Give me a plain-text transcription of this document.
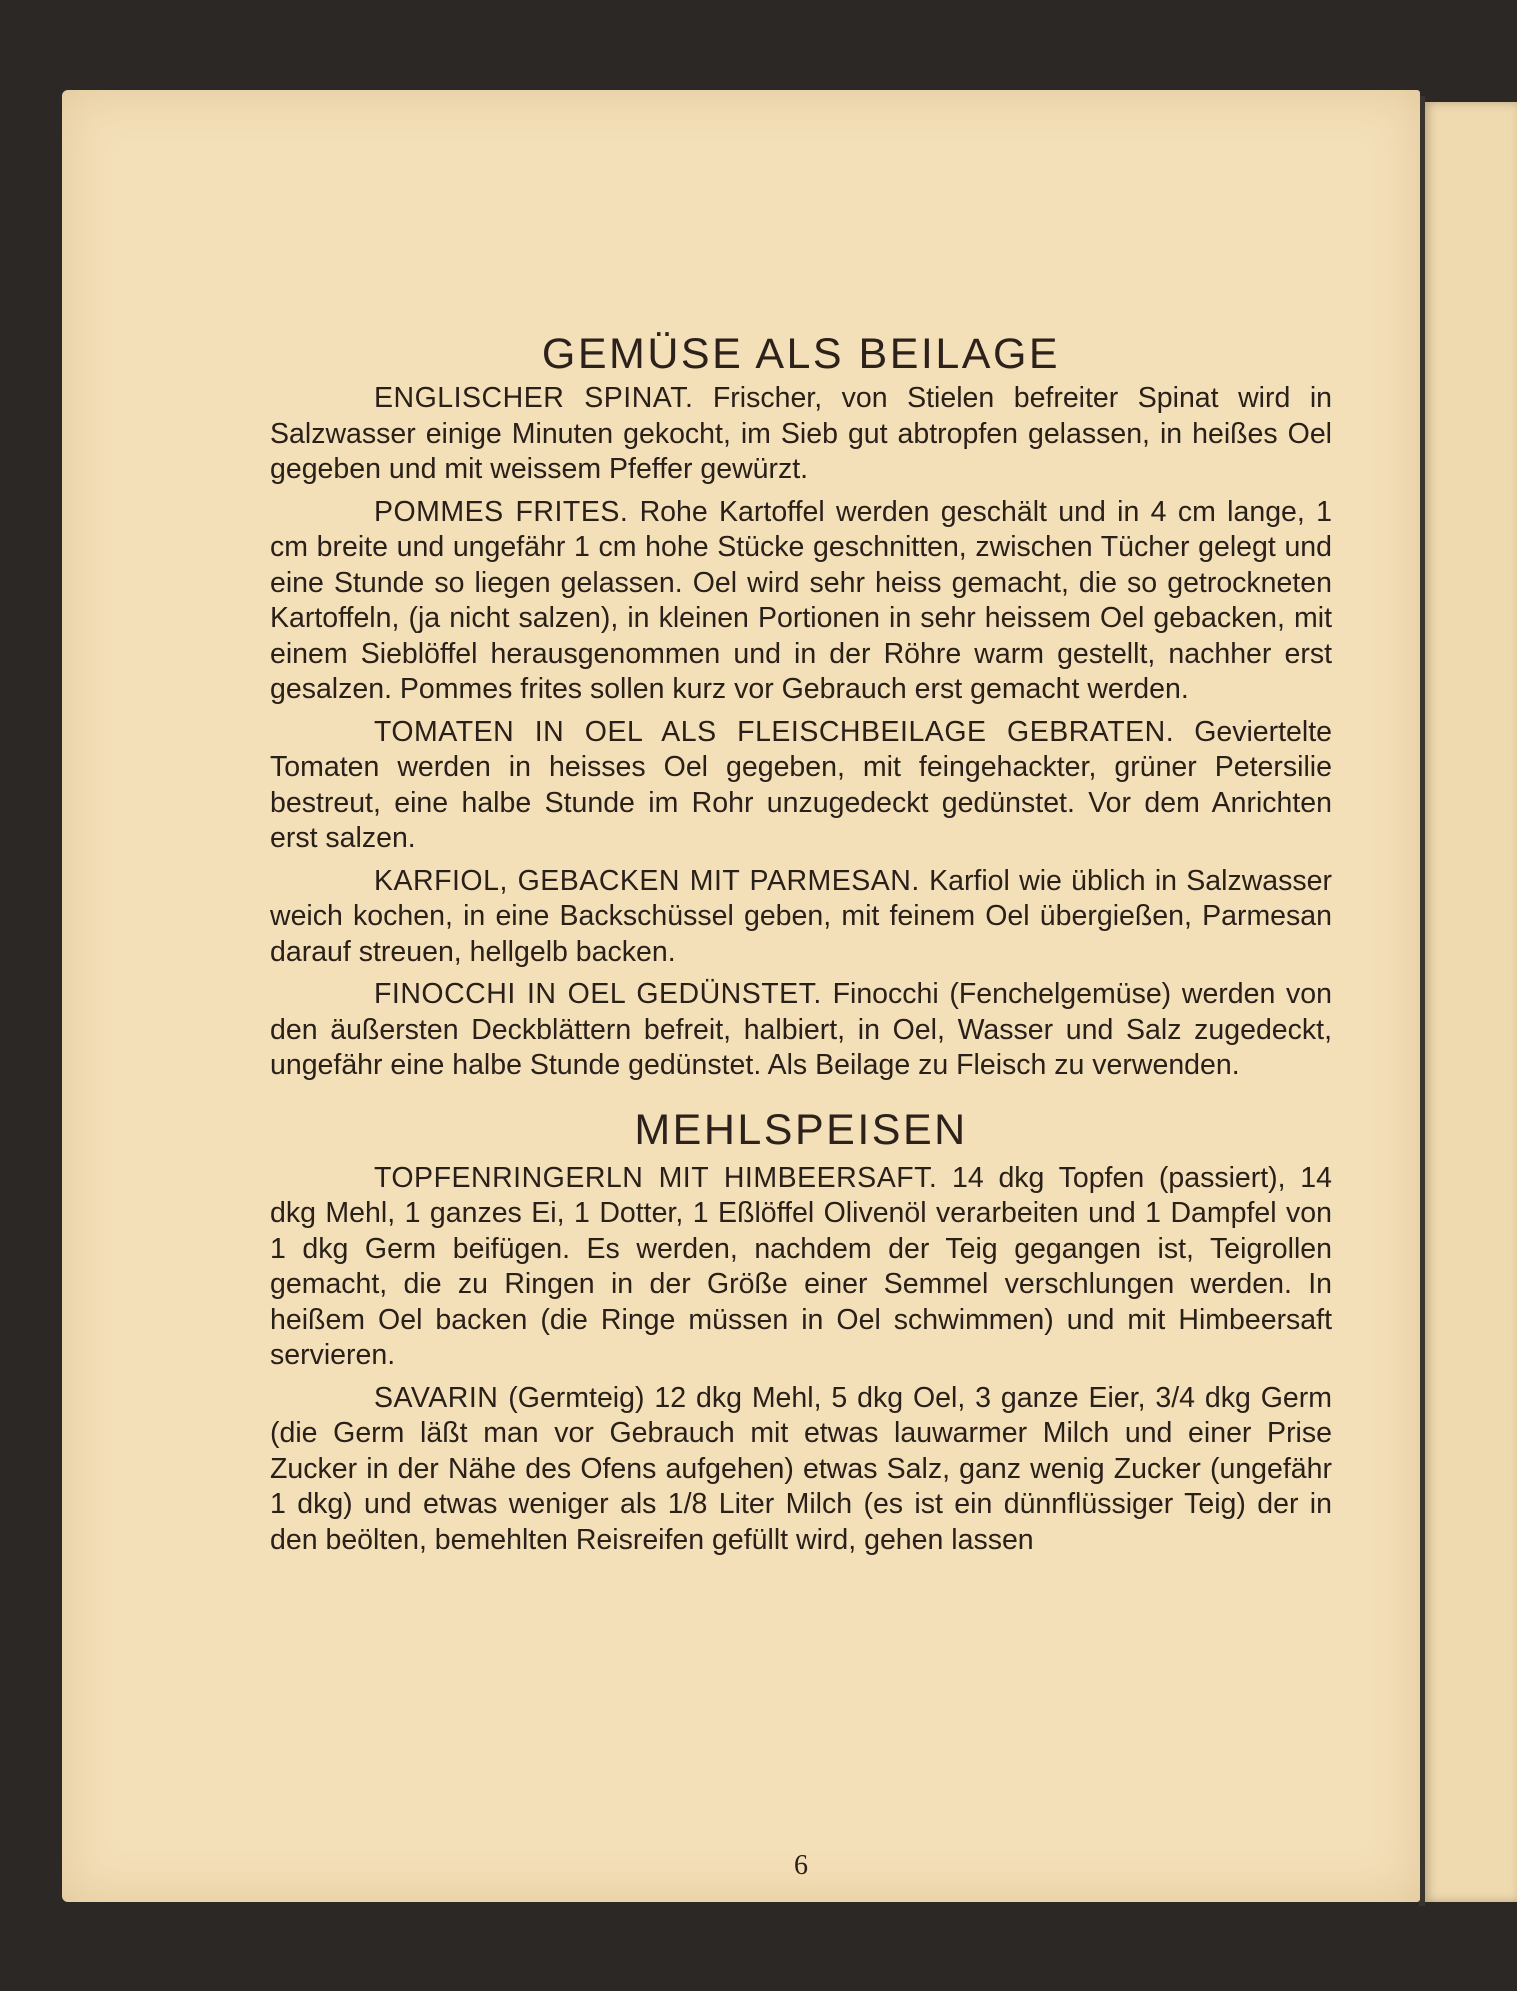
GEMÜSE ALS BEILAGE

ENGLISCHER SPINAT. Frischer, von Stielen befreiter Spinat wird in Salzwasser einige Minuten gekocht, im Sieb gut abtropfen gelassen, in heißes Oel gegeben und mit weissem Pfeffer gewürzt.

POMMES FRITES. Rohe Kartoffel werden geschält und in 4 cm lange, 1 cm breite und ungefähr 1 cm hohe Stücke geschnitten, zwischen Tücher gelegt und eine Stunde so liegen gelassen. Oel wird sehr heiss gemacht, die so getrockneten Kartoffeln, (ja nicht salzen), in kleinen Portionen in sehr heissem Oel gebacken, mit einem Sieblöffel herausgenommen und in der Röhre warm gestellt, nachher erst gesalzen. Pommes frites sollen kurz vor Gebrauch erst gemacht werden.

TOMATEN IN OEL ALS FLEISCHBEILAGE GEBRATEN. Geviertelte Tomaten werden in heisses Oel gegeben, mit feingehackter, grüner Petersilie bestreut, eine halbe Stunde im Rohr unzugedeckt gedünstet. Vor dem Anrichten erst salzen.

KARFIOL, GEBACKEN MIT PARMESAN. Karfiol wie üblich in Salzwasser weich kochen, in eine Backschüssel geben, mit feinem Oel übergießen, Parmesan darauf streuen, hellgelb backen.

FINOCCHI IN OEL GEDÜNSTET. Finocchi (Fenchelgemüse) werden von den äußersten Deckblättern befreit, halbiert, in Oel, Wasser und Salz zugedeckt, ungefähr eine halbe Stunde gedünstet. Als Beilage zu Fleisch zu verwenden.

MEHLSPEISEN

TOPFENRINGERLN MIT HIMBEERSAFT. 14 dkg Topfen (passiert), 14 dkg Mehl, 1 ganzes Ei, 1 Dotter, 1 Eßlöffel Olivenöl verarbeiten und 1 Dampfel von 1 dkg Germ beifügen. Es werden, nachdem der Teig gegangen ist, Teigrollen gemacht, die zu Ringen in der Größe einer Semmel verschlungen werden. In heißem Oel backen (die Ringe müssen in Oel schwimmen) und mit Himbeersaft servieren.

SAVARIN (Germteig) 12 dkg Mehl, 5 dkg Oel, 3 ganze Eier, 3/4 dkg Germ (die Germ läßt man vor Gebrauch mit etwas lauwarmer Milch und einer Prise Zucker in der Nähe des Ofens aufgehen) etwas Salz, ganz wenig Zucker (ungefähr 1 dkg) und etwas weniger als 1/8 Liter Milch (es ist ein dünnflüssiger Teig) der in den beölten, bemehlten Reisreifen gefüllt wird, gehen lassen

6
